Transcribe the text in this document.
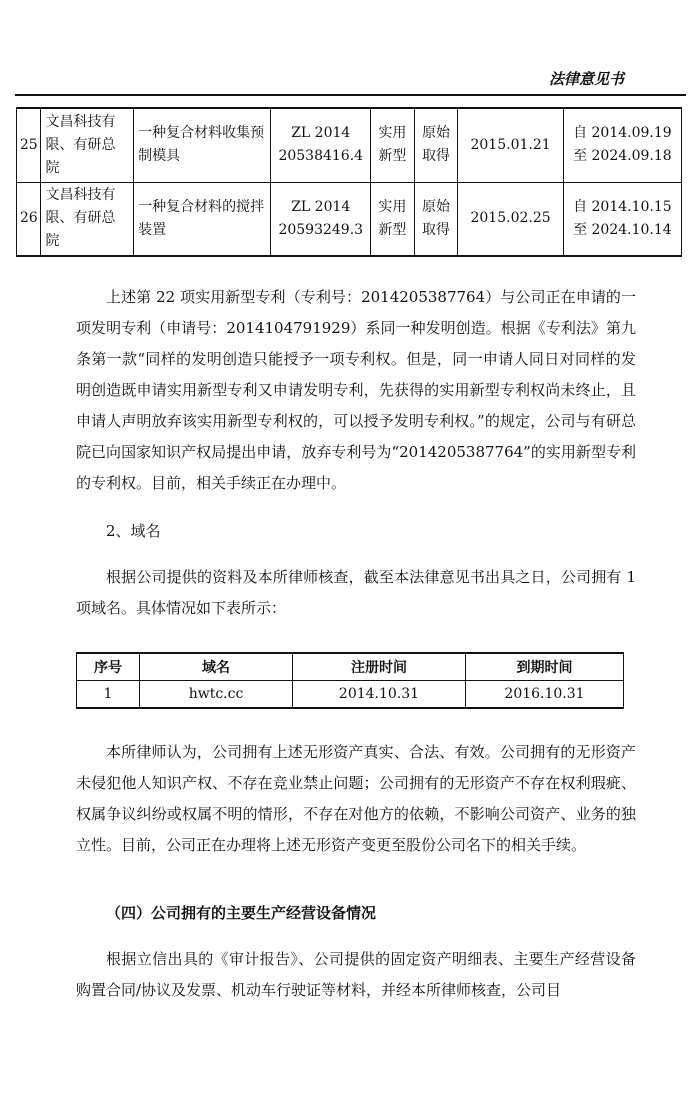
法律意见书
25	文昌科技有限、有研总院	一种复合材料收集预制模具	ZL 2014 20538416.4	实用新型	原始取得	2015.01.21	自 2014.09.19
至 2024.09.18

26	文昌科技有限、有研总院	一种复合材料的搅拌装置	ZL 2014 20593249.3	实用新型	原始取得	2015.02.25	自 2014.10.15
至 2024.10.14

上述第 22 项实用新型专利（专利号：2014205387764）与公司正在申请的一项发明专利（申请号：2014104791929）系同一种发明创造。根据《专利法》第九条第一款“同样的发明创造只能授予一项专利权。但是，同一申请人同日对同样的发明创造既申请实用新型专利又申请发明专利，先获得的实用新型专利权尚未终止，且申请人声明放弃该实用新型专利权的，可以授予发明专利权。”的规定，公司与有研总院已向国家知识产权局提出申请，放弃专利号为“2014205387764”的实用新型专利的专利权。目前，相关手续正在办理中。

2、域名

根据公司提供的资料及本所律师核查，截至本法律意见书出具之日，公司拥有 1 项域名。具体情况如下表所示：

序号	域名	注册时间	到期时间
1	hwtc.cc	2014.10.31	2016.10.31

本所律师认为，公司拥有上述无形资产真实、合法、有效。公司拥有的无形资产未侵犯他人知识产权、不存在竞业禁止问题；公司拥有的无形资产不存在权利瑕疵、权属争议纠纷或权属不明的情形，不存在对他方的依赖，不影响公司资产、业务的独立性。目前，公司正在办理将上述无形资产变更至股份公司名下的相关手续。

（四）公司拥有的主要生产经营设备情况

根据立信出具的《审计报告》、公司提供的固定资产明细表、主要生产经营设备购置合同/协议及发票、机动车行驶证等材料，并经本所律师核查，公司目
